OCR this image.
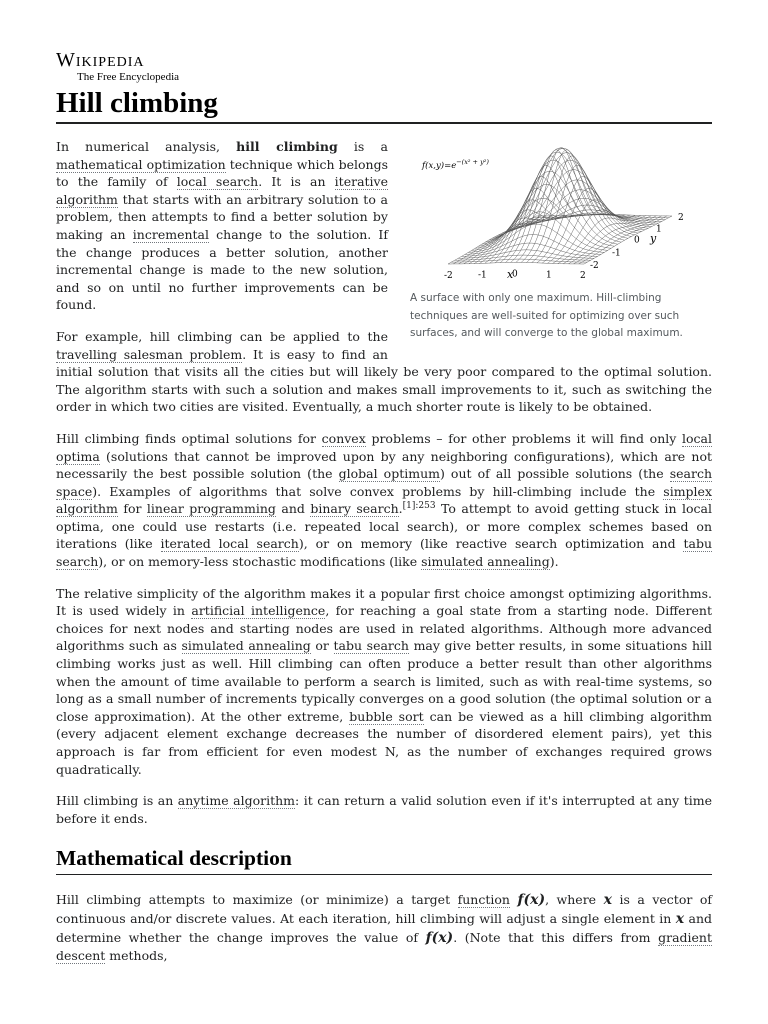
Wikipedia
The Free Encyclopedia
Hill climbing
$f(x,y)=e^{-(x^2 + y^2)}$
-2	-1	0	1	2
2
1
0
-1
-2
x
y
A surface with only one maximum. Hill-climbing techniques are well-suited for optimizing over such surfaces, and will converge to the global maximum.

In numerical analysis, hill climbing is a mathematical optimization technique which belongs to the family of local search. It is an iterative algorithm that starts with an arbitrary solution to a problem, then attempts to find a better solution by making an incremental change to the solution. If the change produces a better solution, another incremental change is made to the new solution, and so on until no further improvements can be found.

For example, hill climbing can be applied to the travelling salesman problem. It is easy to find an initial solution that visits all the cities but will likely be very poor compared to the optimal solution. The algorithm starts with such a solution and makes small improvements to it, such as switching the order in which two cities are visited. Eventually, a much shorter route is likely to be obtained.

Hill climbing finds optimal solutions for convex problems – for other problems it will find only local optima (solutions that cannot be improved upon by any neighboring configurations), which are not necessarily the best possible solution (the global optimum) out of all possible solutions (the search space). Examples of algorithms that solve convex problems by hill-climbing include the simplex algorithm for linear programming and binary search.$^{[1]:253}$ To attempt to avoid getting stuck in local optima, one could use restarts (i.e. repeated local search), or more complex schemes based on iterations (like iterated local search), or on memory (like reactive search optimization and tabu search), or on memory-less stochastic modifications (like simulated annealing).

The relative simplicity of the algorithm makes it a popular first choice amongst optimizing algorithms. It is used widely in artificial intelligence, for reaching a goal state from a starting node. Different choices for next nodes and starting nodes are used in related algorithms. Although more advanced algorithms such as simulated annealing or tabu search may give better results, in some situations hill climbing works just as well. Hill climbing can often produce a better result than other algorithms when the amount of time available to perform a search is limited, such as with real-time systems, so long as a small number of increments typically converges on a good solution (the optimal solution or a close approximation). At the other extreme, bubble sort can be viewed as a hill climbing algorithm (every adjacent element exchange decreases the number of disordered element pairs), yet this approach is far from efficient for even modest N, as the number of exchanges required grows quadratically.

Hill climbing is an anytime algorithm: it can return a valid solution even if it's interrupted at any time before it ends.

Mathematical description

Hill climbing attempts to maximize (or minimize) a target function f(x), where x is a vector of continuous and/or discrete values. At each iteration, hill climbing will adjust a single element in x and determine whether the change improves the value of f(x). (Note that this differs from gradient descent methods,
